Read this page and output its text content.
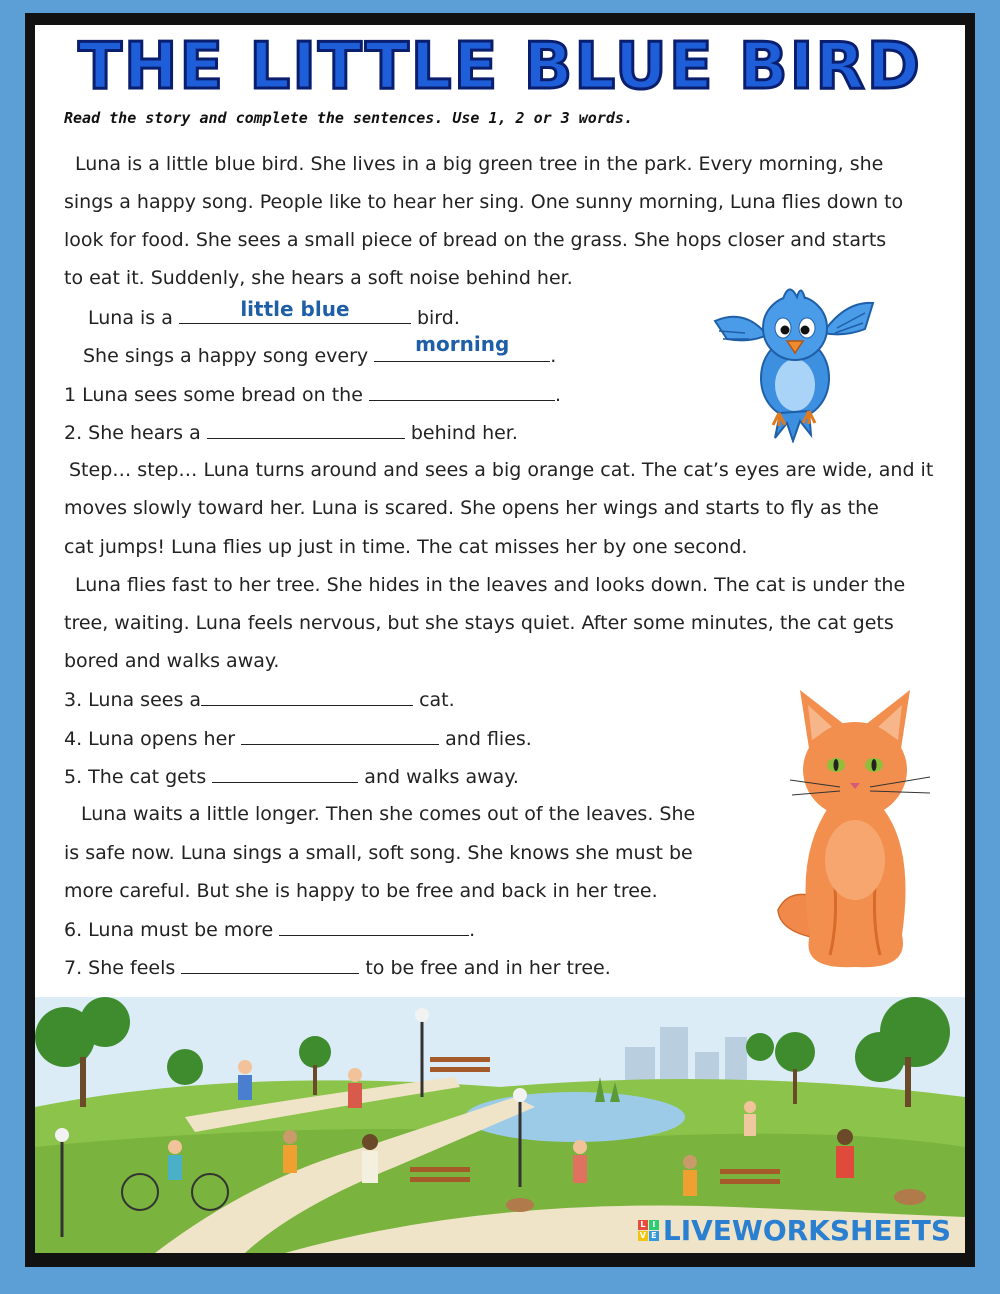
THE LITTLE BLUE BIRD
Read the story and complete the sentences. Use 1, 2 or 3 words.
Luna is a little blue bird. She lives in a big green tree in the park. Every morning, she
sings a happy song. People like to hear her sing. One sunny morning, Luna flies down to
look for food. She sees a small piece of bread on the grass. She hops closer and starts
to eat it. Suddenly, she hears a soft noise behind her.
Luna is a	little blue	bird.
She sings a happy song every	morning	.
1 Luna sees some bread on the	.
2. She hears a	behind her.
Step… step… Luna turns around and sees a big orange cat. The cat’s eyes are wide, and it
moves slowly toward her. Luna is scared. She opens her wings and starts to fly as the
cat jumps! Luna flies up just in time. The cat misses her by one second.
Luna flies fast to her tree. She hides in the leaves and looks down. The cat is under the
tree, waiting. Luna feels nervous, but she stays quiet. After some minutes, the cat gets
bored and walks away.
3. Luna sees a	cat.
4. Luna opens her	and flies.
5. The cat gets	and walks away.
Luna waits a little longer. Then she comes out of the leaves. She
is safe now. Luna sings a small, soft song. She knows she must be
more careful. But she is happy to be free and back in her tree.
6. Luna must be more	.
7. She feels	to be free and in her tree.
L I
V E LIVEWORKSHEETS
